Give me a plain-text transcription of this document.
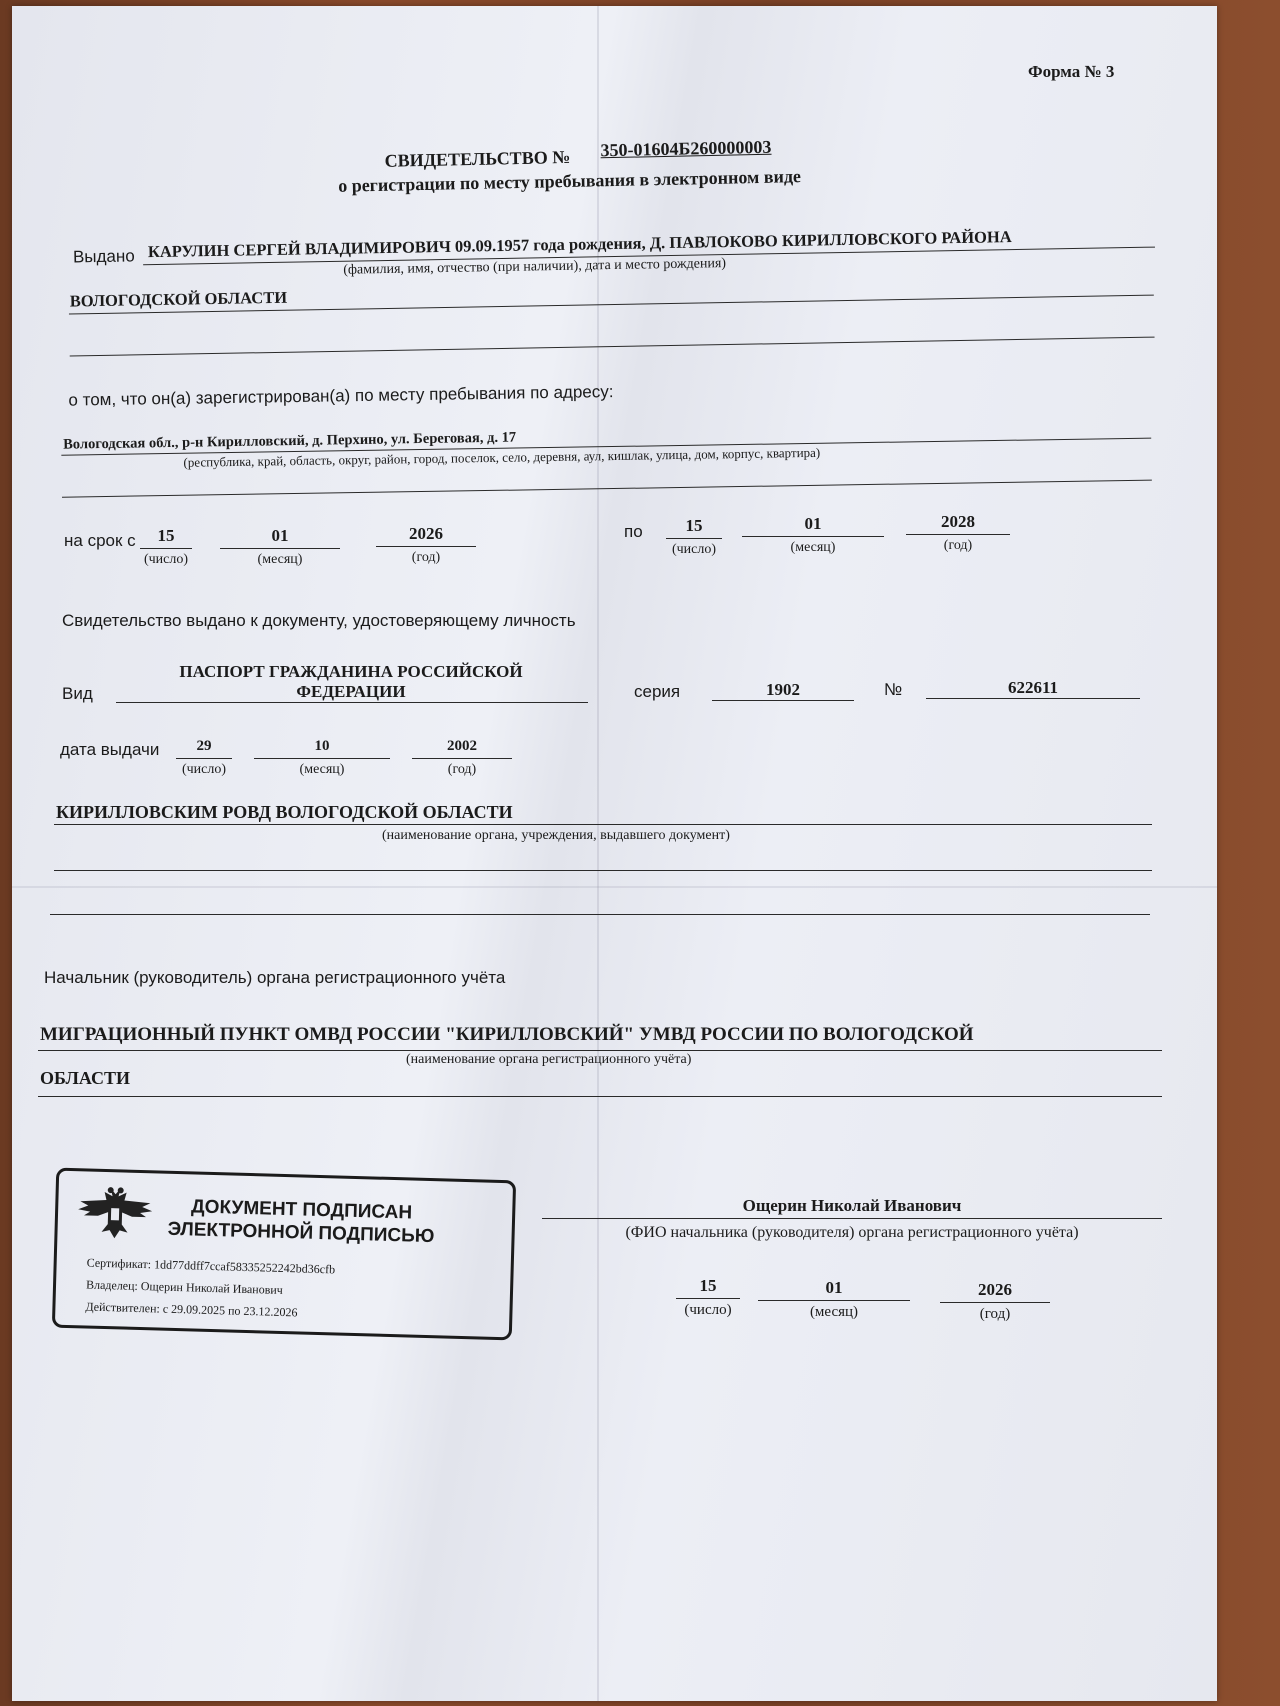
Форма № 3
СВИДЕТЕЛЬСТВО № 350-01604Б260000003
о регистрации по месту пребывания в электронном виде
Выдано КАРУЛИН СЕРГЕЙ ВЛАДИМИРОВИЧ 09.09.1957 года рождения, Д. ПАВЛОКОВО КИРИЛЛОВСКОГО РАЙОНА
(фамилия, имя, отчество (при наличии), дата и место рождения)
ВОЛОГОДСКОЙ ОБЛАСТИ
о том, что он(а) зарегистрирован(а) по месту пребывания по адресу:
Вологодская обл., р-н Кирилловский, д. Перхино, ул. Береговая, д. 17
(республика, край, область, округ, район, город, поселок, село, деревня, аул, кишлак, улица, дом, корпус, квартира)
на срок с	15
(число)
01
(месяц)
2026
(год)
по	15
(число)
01
(месяц)
2028
(год)
Свидетельство выдано к документу, удостоверяющему личность
Вид
ПАСПОРТ ГРАЖДАНИНА РОССИЙСКОЙ
ФЕДЕРАЦИИ	серия	1902	№	622611
дата выдачи	29
(число)
10
(месяц)
2002
(год)
КИРИЛЛОВСКИМ РОВД ВОЛОГОДСКОЙ ОБЛАСТИ
(наименование органа, учреждения, выдавшего документ)
Начальник (руководитель) органа регистрационного учёта
МИГРАЦИОННЫЙ ПУНКТ ОМВД РОССИИ "КИРИЛЛОВСКИЙ" УМВД РОССИИ ПО ВОЛОГОДСКОЙ
(наименование органа регистрационного учёта)
ОБЛАСТИ
ДОКУМЕНТ ПОДПИСАН
ЭЛЕКТРОННОЙ ПОДПИСЬЮ
Сертификат: 1dd77ddff7ccaf58335252242bd36cfb
Владелец: Ощерин Николай Иванович
Действителен: с 29.09.2025 по 23.12.2026
Ощерин Николай Иванович
(ФИО начальника (руководителя) органа регистрационного учёта)
15
(число)
01
(месяц)
2026
(год)
